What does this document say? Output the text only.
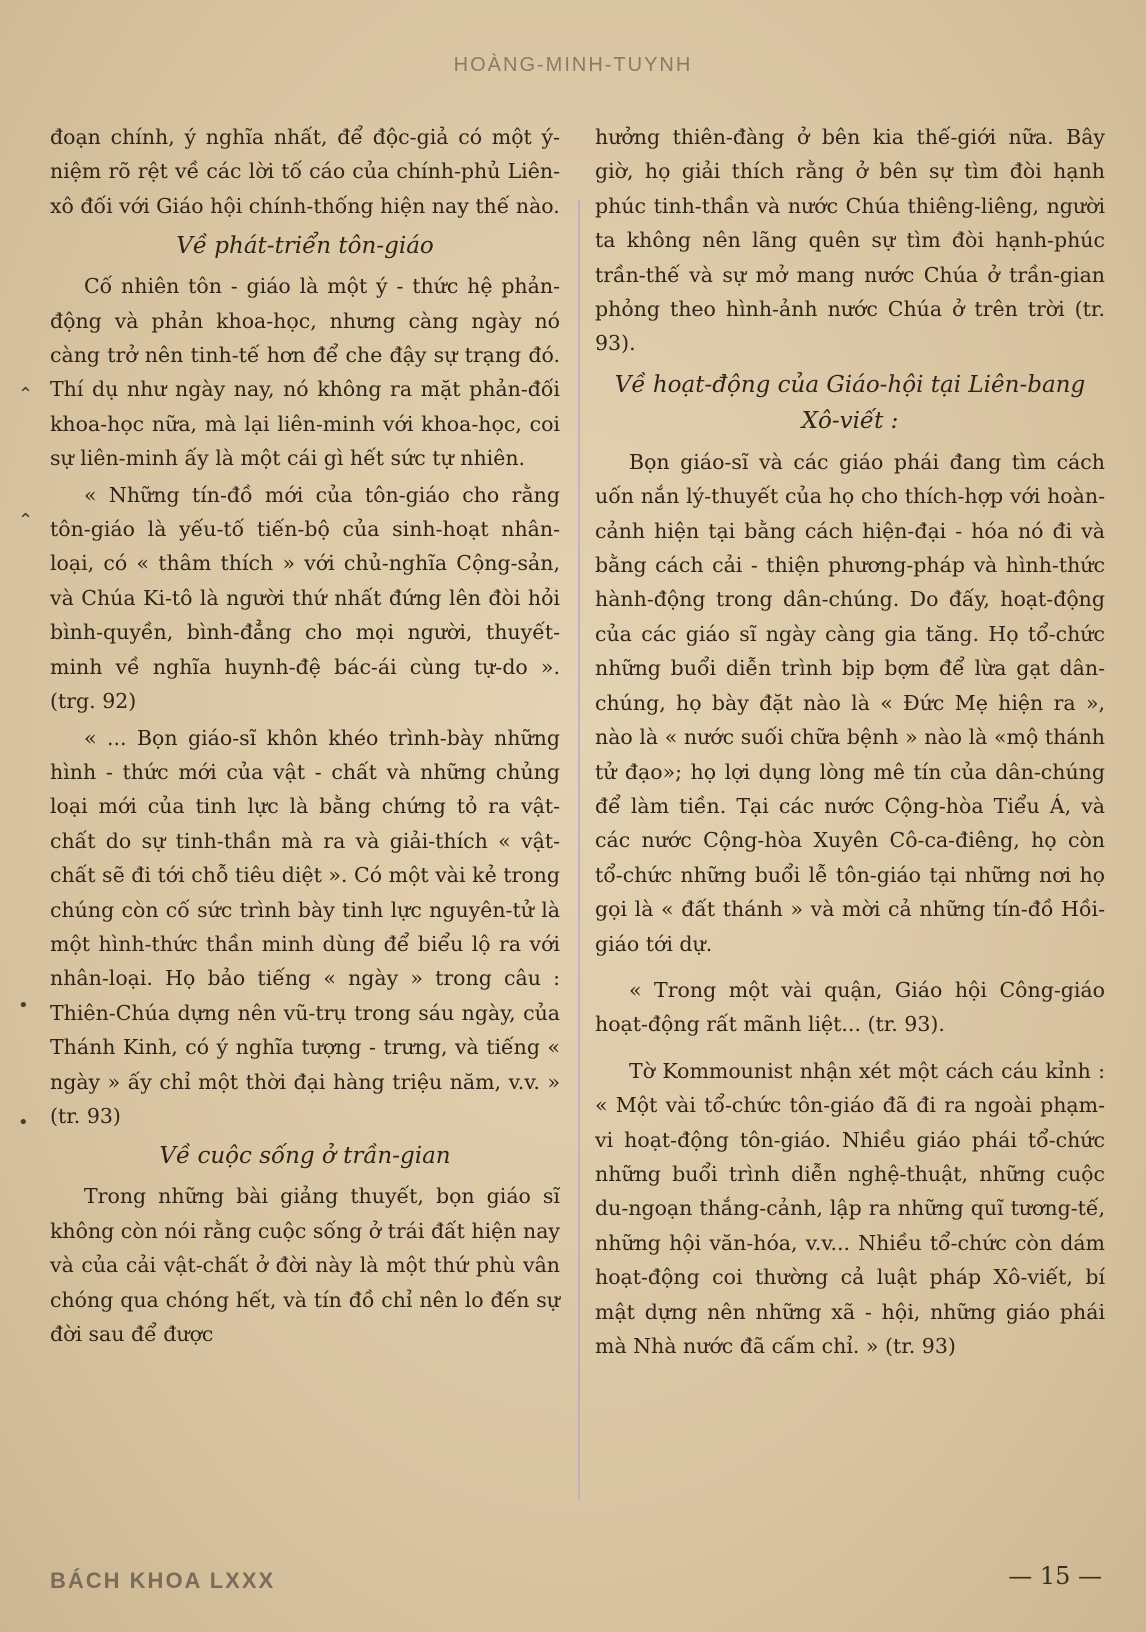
HOÀNG-MINH-TUYNH
⌃
⌃
•
•

đoạn chính, ý nghĩa nhất, để độc-giả có một ý-niệm rõ rệt về các lời tố cáo của chính-phủ Liên-xô đối với Giáo hội chính-thống hiện nay thế nào.

Về phát-triển tôn-giáo

Cố nhiên tôn - giáo là một ý - thức hệ phản-động và phản khoa-học, nhưng càng ngày nó càng trở nên tinh-tế hơn để che đậy sự trạng đó. Thí dụ như ngày nay, nó không ra mặt phản-đối khoa-học nữa, mà lại liên-minh với khoa-học, coi sự liên-minh ấy là một cái gì hết sức tự nhiên.

« Những tín-đồ mới của tôn-giáo cho rằng tôn-giáo là yếu-tố tiến-bộ của sinh-hoạt nhân-loại, có « thâm thích » với chủ-nghĩa Cộng-sản, và Chúa Ki-tô là người thứ nhất đứng lên đòi hỏi bình-quyền, bình-đẳng cho mọi người, thuyết-minh về nghĩa huynh-đệ bác-ái cùng tự-do ». (trg. 92)

« ... Bọn giáo-sĩ khôn khéo trình-bày những hình - thức mới của vật - chất và những chủng loại mới của tinh lực là bằng chứng tỏ ra vật-chất do sự tinh-thần mà ra và giải-thích « vật-chất sẽ đi tới chỗ tiêu diệt ». Có một vài kẻ trong chúng còn cố sức trình bày tinh lực nguyên-tử là một hình-thức thần minh dùng để biểu lộ ra với nhân-loại. Họ bảo tiếng « ngày » trong câu : Thiên-Chúa dựng nên vũ-trụ trong sáu ngày, của Thánh Kinh, có ý nghĩa tượng - trưng, và tiếng « ngày » ấy chỉ một thời đại hàng triệu năm, v.v. » (tr. 93)

Về cuộc sống ở trần-gian

Trong những bài giảng thuyết, bọn giáo sĩ không còn nói rằng cuộc sống ở trái đất hiện nay và của cải vật-chất ở đời này là một thứ phù vân chóng qua chóng hết, và tín đồ chỉ nên lo đến sự đời sau để được

hưởng thiên-đàng ở bên kia thế-giới nữa. Bây giờ, họ giải thích rằng ở bên sự tìm đòi hạnh phúc tinh-thần và nước Chúa thiêng-liêng, người ta không nên lãng quên sự tìm đòi hạnh-phúc trần-thế và sự mở mang nước Chúa ở trần-gian phỏng theo hình-ảnh nước Chúa ở trên trời (tr. 93).

Về hoạt-động của Giáo-hội tại Liên-bang Xô-viết :

Bọn giáo-sĩ và các giáo phái đang tìm cách uốn nắn lý-thuyết của họ cho thích-hợp với hoàn-cảnh hiện tại bằng cách hiện-đại - hóa nó đi và bằng cách cải - thiện phương-pháp và hình-thức hành-động trong dân-chúng. Do đấy, hoạt-động của các giáo sĩ ngày càng gia tăng. Họ tổ-chức những buổi diễn trình bịp bợm để lừa gạt dân-chúng, họ bày đặt nào là « Đức Mẹ hiện ra », nào là « nước suối chữa bệnh » nào là «mộ thánh tử đạo»; họ lợi dụng lòng mê tín của dân-chúng để làm tiền. Tại các nước Cộng-hòa Tiểu Á, và các nước Cộng-hòa Xuyên Cô-ca-điêng, họ còn tổ-chức những buổi lễ tôn-giáo tại những nơi họ gọi là « đất thánh » và mời cả những tín-đồ Hồi-giáo tới dự.

« Trong một vài quận, Giáo hội Công-giáo hoạt-động rất mãnh liệt... (tr. 93).

Tờ Kommounist nhận xét một cách cáu kỉnh : « Một vài tổ-chức tôn-giáo đã đi ra ngoài phạm-vi hoạt-động tôn-giáo. Nhiều giáo phái tổ-chức những buổi trình diễn nghệ-thuật, những cuộc du-ngoạn thắng-cảnh, lập ra những quĩ tương-tế, những hội văn-hóa, v.v... Nhiều tổ-chức còn dám hoạt-động coi thường cả luật pháp Xô-viết, bí mật dựng nên những xã - hội, những giáo phái mà Nhà nước đã cấm chỉ. » (tr. 93)

BÁCH KHOA LXXX	— 15 —
